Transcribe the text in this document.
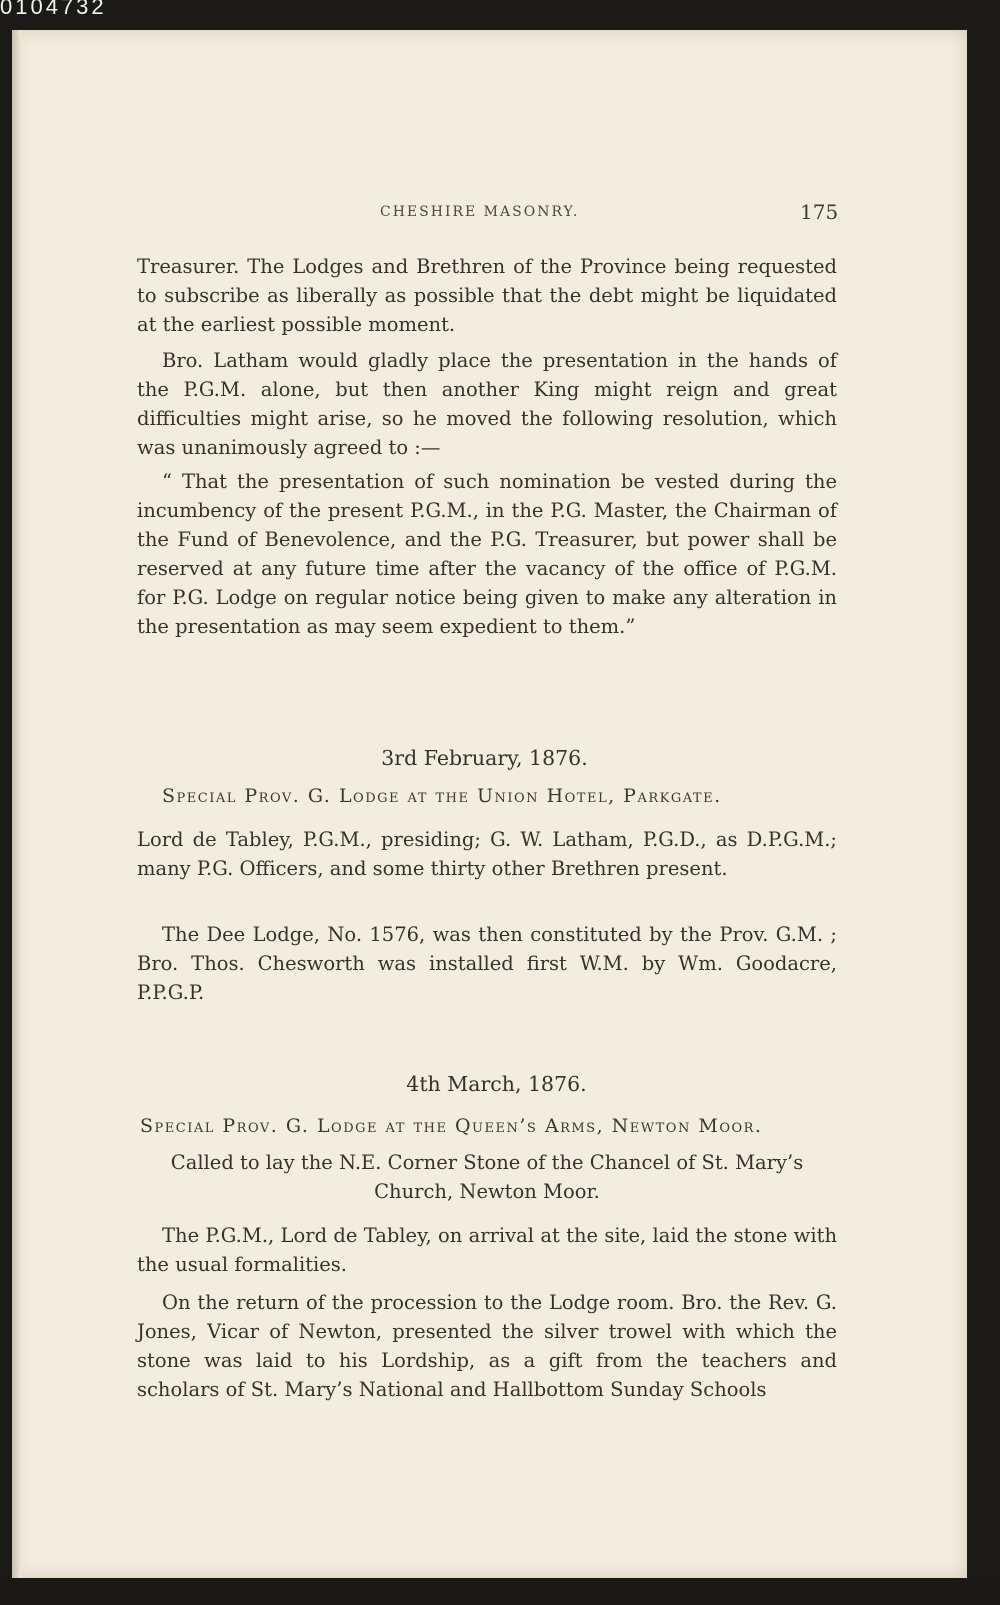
0104732
CHESHIRE MASONRY.	175
Treasurer. The Lodges and Brethren of the Province being requested to subscribe as liberally as possible that the debt might be liquidated at the earliest possible moment.
Bro. Latham would gladly place the presentation in the hands of the P.G.M. alone, but then another King might reign and great difficulties might arise, so he moved the following resolution, which was unanimously agreed to :—
“ That the presentation of such nomination be vested during the incumbency of the present P.G.M., in the P.G. Master, the Chairman of the Fund of Benevolence, and the P.G. Treasurer, but power shall be reserved at any future time after the vacancy of the office of P.G.M. for P.G. Lodge on regular notice being given to make any alteration in the presentation as may seem expedient to them.”
3rd February, 1876.
Special Prov. G. Lodge at the Union Hotel, Parkgate.
Lord de Tabley, P.G.M., presiding; G. W. Latham, P.G.D., as D.P.G.M.; many P.G. Officers, and some thirty other Brethren present.
The Dee Lodge, No. 1576, was then constituted by the Prov. G.M. ; Bro. Thos. Chesworth was installed first W.M. by Wm. Goodacre, P.P.G.P.
4th March, 1876.
Special Prov. G. Lodge at the Queen’s Arms, Newton Moor.
Called to lay the N.E. Corner Stone of the Chancel of St. Mary’s Church, Newton Moor.
The P.G.M., Lord de Tabley, on arrival at the site, laid the stone with the usual formalities.
On the return of the procession to the Lodge room. Bro. the Rev. G. Jones, Vicar of Newton, presented the silver trowel with which the stone was laid to his Lordship, as a gift from the teachers and scholars of St. Mary’s National and Hallbottom Sunday Schools
